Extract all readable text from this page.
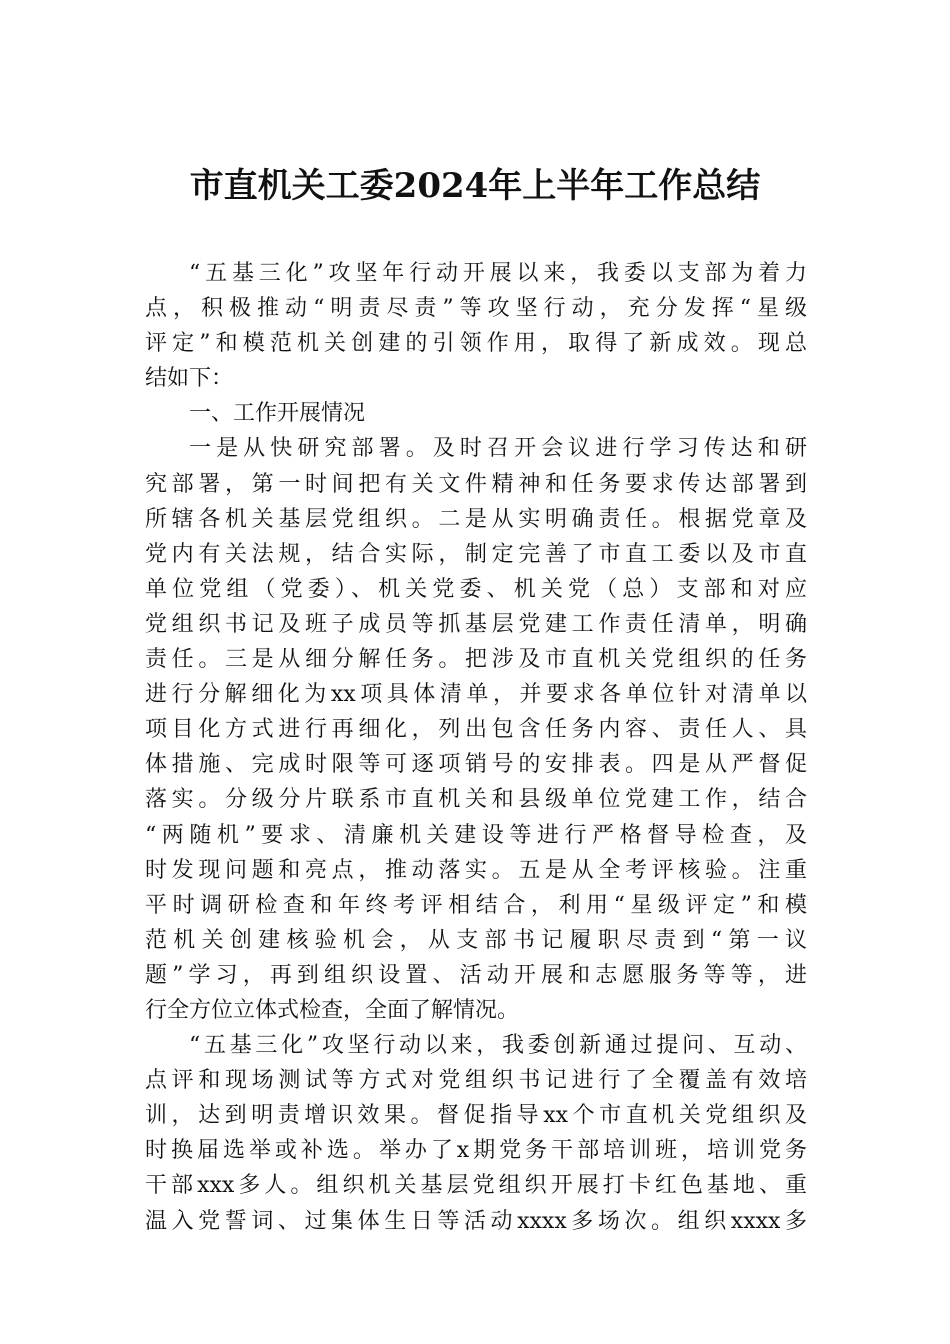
市直机关工委2024年上半年工作总结
“五基三化”攻坚年行动开展以来，我委以支部为着力
点，积极推动“明责尽责”等攻坚行动，充分发挥“星级
评定”和模范机关创建的引领作用，取得了新成效。现总
结如下：
一、工作开展情况
一是从快研究部署。及时召开会议进行学习传达和研
究部署，第一时间把有关文件精神和任务要求传达部署到
所辖各机关基层党组织。二是从实明确责任。根据党章及
党内有关法规，结合实际，制定完善了市直工委以及市直
单位党组（党委）、机关党委、机关党（总）支部和对应
党组织书记及班子成员等抓基层党建工作责任清单，明确
责任。三是从细分解任务。把涉及市直机关党组织的任务
进行分解细化为xx项具体清单，并要求各单位针对清单以
项目化方式进行再细化，列出包含任务内容、责任人、具
体措施、完成时限等可逐项销号的安排表。四是从严督促
落实。分级分片联系市直机关和县级单位党建工作，结合
“两随机”要求、清廉机关建设等进行严格督导检查，及
时发现问题和亮点，推动落实。五是从全考评核验。注重
平时调研检查和年终考评相结合，利用“星级评定”和模
范机关创建核验机会，从支部书记履职尽责到“第一议
题”学习，再到组织设置、活动开展和志愿服务等等，进
行全方位立体式检查，全面了解情况。
“五基三化”攻坚行动以来，我委创新通过提问、互动、
点评和现场测试等方式对党组织书记进行了全覆盖有效培
训，达到明责增识效果。督促指导xx个市直机关党组织及
时换届选举或补选。举办了x期党务干部培训班，培训党务
干部xxx多人。组织机关基层党组织开展打卡红色基地、重
温入党誓词、过集体生日等活动xxxx多场次。组织xxxx多
